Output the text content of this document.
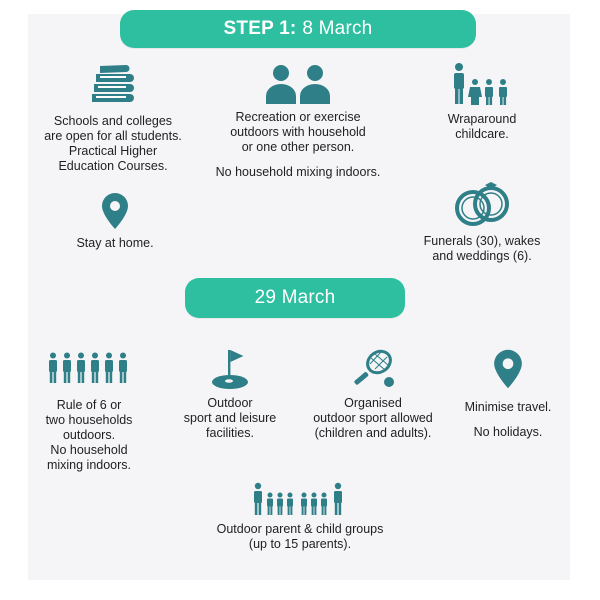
STEP 1: 8 March

Schools and colleges
are open for all students.
Practical Higher
Education Courses.

Recreation or exercise
outdoors with household
or one other person.

No household mixing indoors.

Wraparound
childcare.

Stay at home.	Funerals (30), wakes
and weddings (6).

29 March

Rule of 6 or
two households
outdoors.
No household
mixing indoors.

Outdoor
sport and leisure
facilities.

Organised
outdoor sport allowed
(children and adults).

Minimise travel.

No holidays.

Outdoor parent & child groups
(up to 15 parents).
